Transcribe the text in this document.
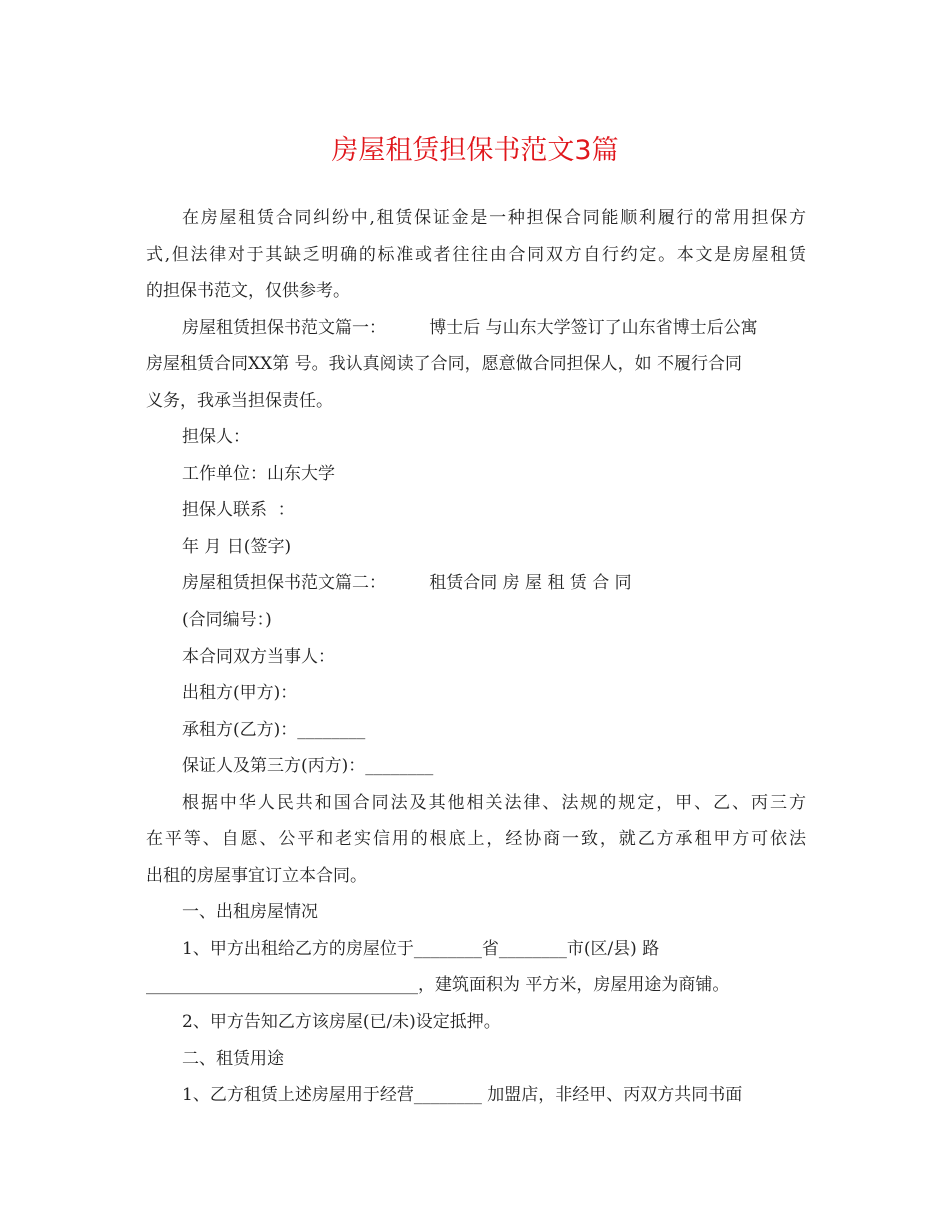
房屋租赁担保书范文3篇
在房屋租赁合同纠纷中,租赁保证金是一种担保合同能顺利履行的常用担保方
式,但法律对于其缺乏明确的标准或者往往由合同双方自行约定。本文是房屋租赁
的担保书范文，仅供参考。
房屋租赁担保书范文篇一：        博士后 与山东大学签订了山东省博士后公寓
房屋租赁合同XX第 号。我认真阅读了合同，愿意做合同担保人，如 不履行合同
义务，我承当担保责任。
担保人：
工作单位：山东大学
担保人联系  ：
年 月 日(签字)
房屋租赁担保书范文篇二：        租赁合同 房 屋 租 赁 合 同
(合同编号：)
本合同双方当事人：
出租方(甲方)：
承租方(乙方)：________
保证人及第三方(丙方)：________
根据中华人民共和国合同法及其他相关法律、法规的规定，甲、乙、丙三方
在平等、自愿、公平和老实信用的根底上，经协商一致，就乙方承租甲方可依法
出租的房屋事宜订立本合同。
一、出租房屋情况
1、甲方出租给乙方的房屋位于________省________市(区/县) 路
________________________________，建筑面积为 平方米，房屋用途为商铺。
2、甲方告知乙方该房屋(已/未)设定抵押。
二、租赁用途
1、乙方租赁上述房屋用于经营________ 加盟店，非经甲、丙双方共同书面
